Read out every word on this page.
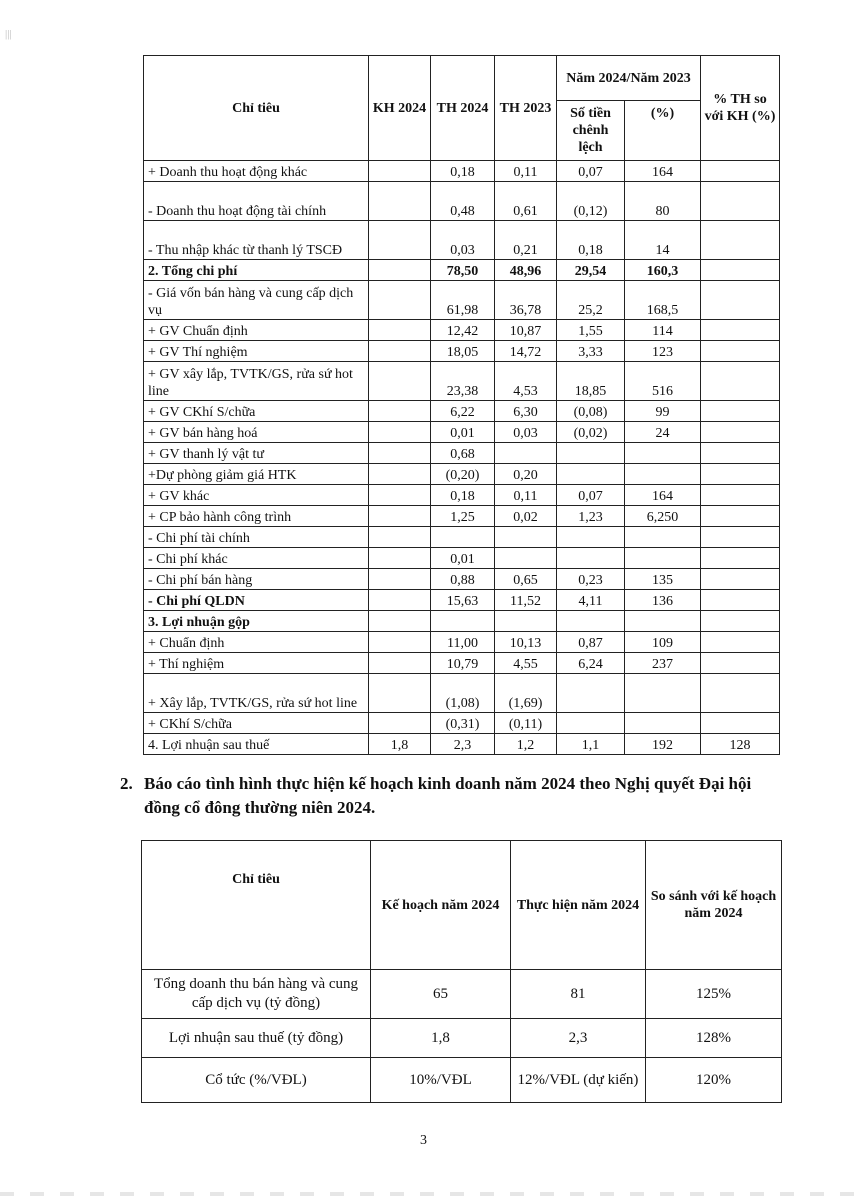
|||
Chỉ tiêu	KH 2024	TH 2024	TH 2023	Năm 2024/Năm 2023		% TH so với KH (%)
				Số tiền chênh lệch	(%)	
+ Doanh thu hoạt động khác		0,18	0,11	0,07	164	
- Doanh thu hoạt động tài chính		0,48	0,61	(0,12)	80	
- Thu nhập khác từ thanh lý TSCĐ		0,03	0,21	0,18	14	
2. Tổng chi phí		78,50	48,96	29,54	160,3	
- Giá vốn bán hàng và cung cấp dịch vụ		61,98	36,78	25,2	168,5	
+ GV Chuẩn định		12,42	10,87	1,55	114	
+ GV Thí nghiệm		18,05	14,72	3,33	123	
+ GV xây lắp, TVTK/GS, rửa sứ hot line		23,38	4,53	18,85	516	
+ GV CKhí S/chữa		6,22	6,30	(0,08)	99	
+ GV bán hàng hoá		0,01	0,03	(0,02)	24	
+ GV thanh lý vật tư		0,68				
+Dự phòng giảm giá HTK		(0,20)	0,20			
+ GV khác		0,18	0,11	0,07	164	
+ CP bảo hành công trình		1,25	0,02	1,23	6,250	
- Chi phí tài chính						
- Chi phí khác		0,01				
- Chi phí bán hàng		0,88	0,65	0,23	135	
- Chi phí QLDN		15,63	11,52	4,11	136	
3. Lợi nhuận gộp						
+ Chuẩn định		11,00	10,13	0,87	109	
+ Thí nghiệm		10,79	4,55	6,24	237	
+ Xây lắp, TVTK/GS, rửa sứ hot line		(1,08)	(1,69)			
+ CKhí S/chữa		(0,31)	(0,11)			
4. Lợi nhuận sau thuế	1,8	2,3	1,2	1,1	192	128
2. Báo cáo tình hình thực hiện kế hoạch kinh doanh năm 2024 theo Nghị quyết Đại hội đồng cổ đông thường niên 2024.
Chỉ tiêu	Kế hoạch năm 2024	Thực hiện năm 2024	So sánh với kế hoạch năm 2024
Tổng doanh thu bán hàng và cung cấp dịch vụ (tỷ đồng)	65	81	125%
Lợi nhuận sau thuế (tỷ đồng)	1,8	2,3	128%
Cổ tức (%/VĐL)	10%/VĐL	12%/VĐL (dự kiến)	120%
3
